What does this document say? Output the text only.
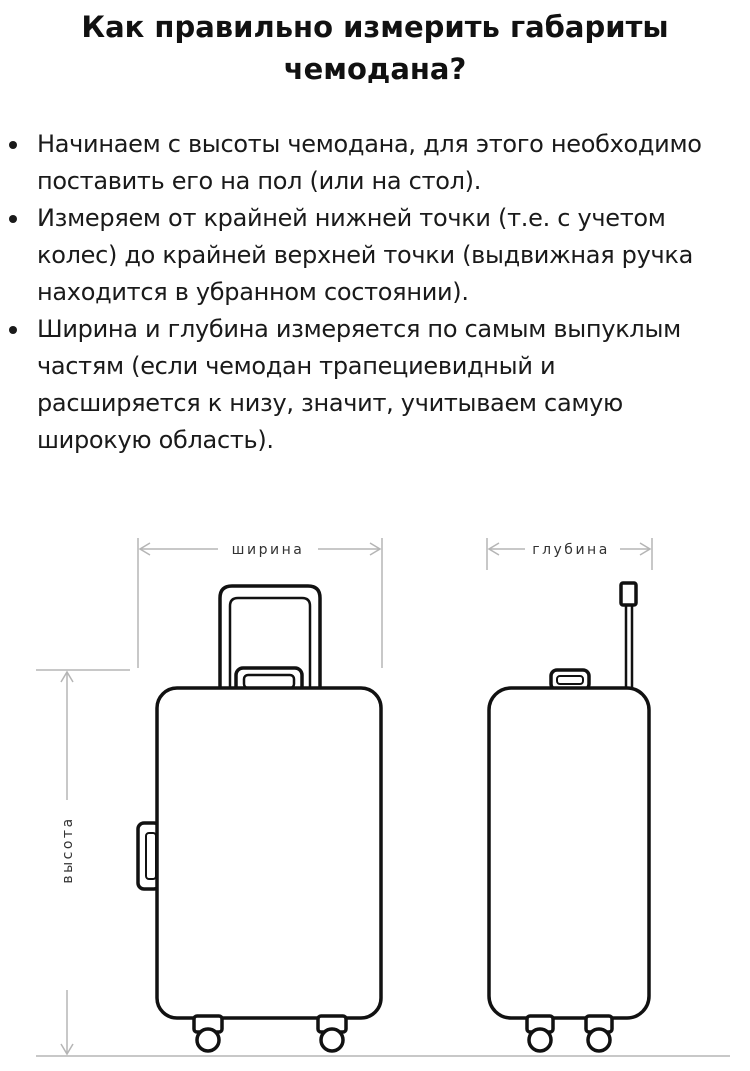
Как правильно измерить габариты
чемодана?
Начинаем с высоты чемодана, для этого необходимо
поставить его на пол (или на стол).
Измеряем от крайней нижней точки (т.е. с учетом
колес) до крайней верхней точки (выдвижная ручка
находится в убранном состоянии).
Ширина и глубина измеряется по самым выпуклым
частям (если чемодан трапециевидный и
расширяется к низу, значит, учитываем самую
широкую область).
ширина	глубина
высота
